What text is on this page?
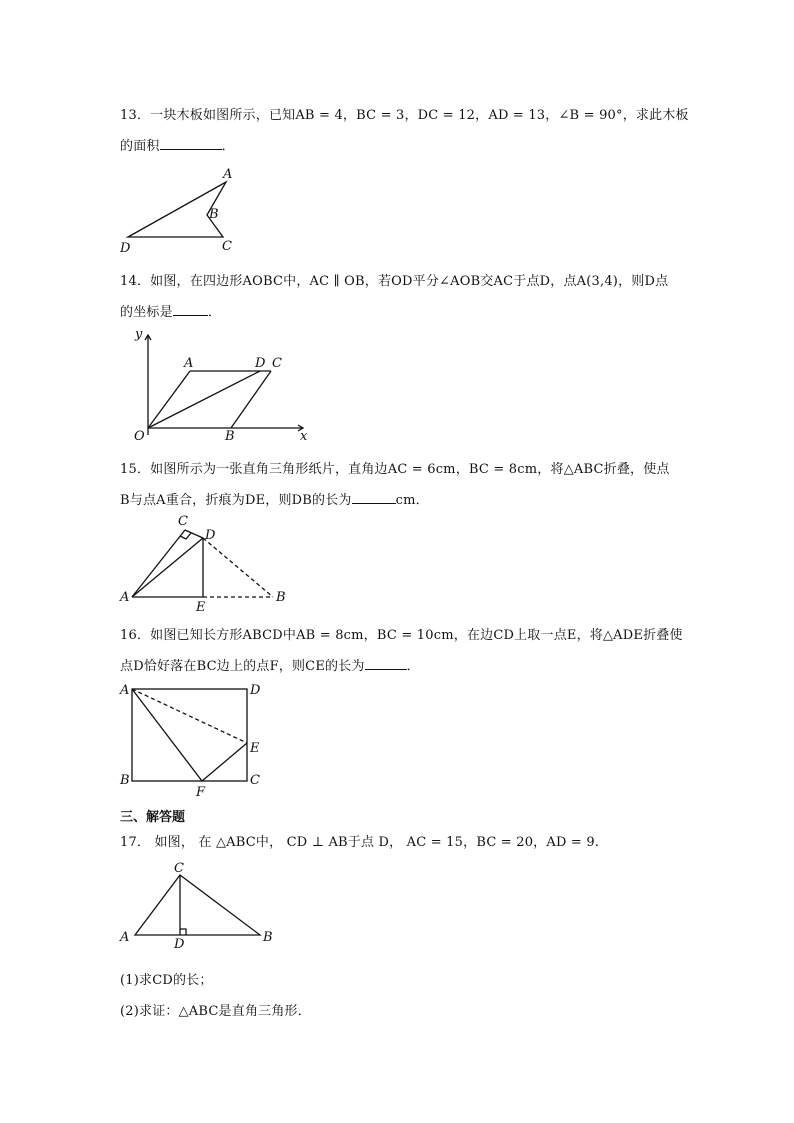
13．一块木板如图所示，已知AB = 4，BC = 3，DC = 12，AD = 13，∠B = 90°，求此木板
的面积	．
A
B
C
D
14．如图，在四边形AOBC中，AC ∥ OB，若OD平分∠AOB交AC于点D，点A(3,4)，则D点
的坐标是	．
y
x
O
A	D C
B
15．如图所示为一张直角三角形纸片，直角边AC = 6cm，BC = 8cm，将△ABC折叠，使点
B与点A重合，折痕为DE，则DB的长为	cm．
C
D
A
E
B
16．如图已知长方形ABCD中AB = 8cm，BC = 10cm，在边CD上取一点E，将△ADE折叠使
点D恰好落在BC边上的点F，则CE的长为	．
A	D
E
B	C
F
三、解答题
17． 如图， 在 △ABC中， CD ⊥ AB于点 D， AC = 15，BC = 20，AD = 9.
C
A	D	B
(1)求CD的长；
(2)求证：△ABC是直角三角形．
